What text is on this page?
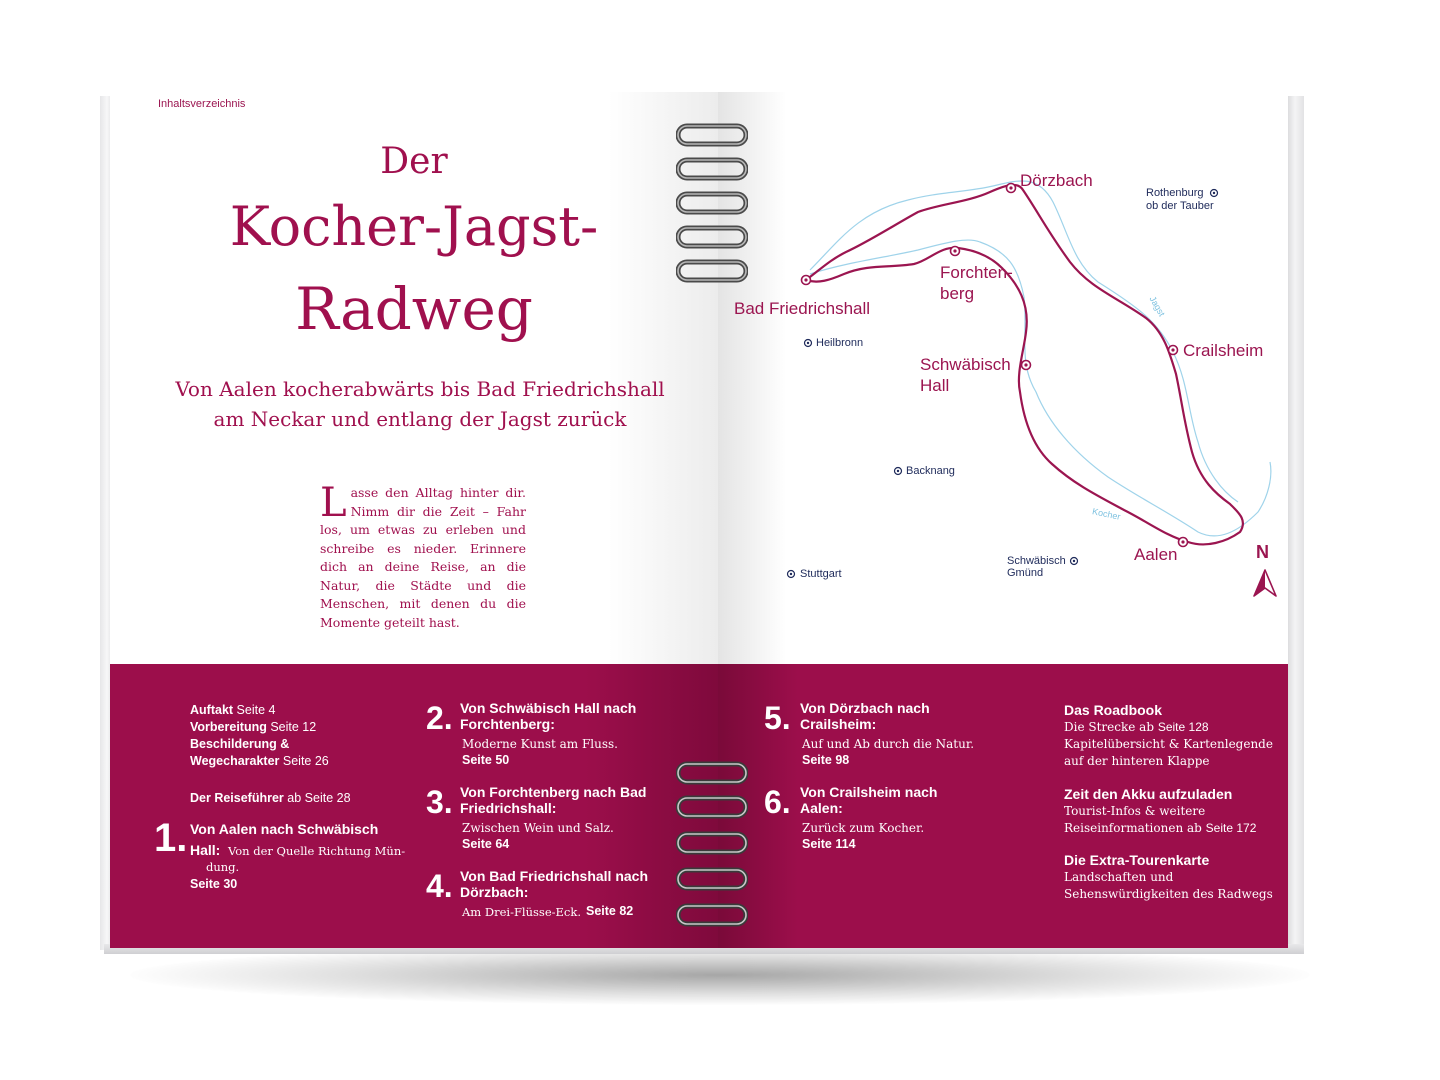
Inhaltsverzeichnis
Der
Kocher-Jagst-
Radweg
Von Aalen kocherabwärts bis Bad Friedrichshall
am Neckar und entlang der Jagst zurück
Lasse den Alltag hinter dir. Nimm dir die Zeit – Fahr los, um etwas zu erleben und schreibe es nieder. Erinnere dich an deine Reise, an die Natur, die Städte und die Menschen, mit denen du die Momente geteilt hast.
Auftakt Seite 4
Vorbereitung Seite 12
Beschilderung &
Wegecharakter Seite 26
Der Reiseführer ab Seite 28
1. Von Aalen nach Schwäbisch
Hall: Von der Quelle Richtung Mün-
dung.
Seite 30
2. Von Schwäbisch Hall nach
Forchtenberg:
Moderne Kunst am Fluss.
Seite 50
3. Von Forchtenberg nach Bad
Friedrichshall:
Zwischen Wein und Salz.
Seite 64
4. Von Bad Friedrichshall nach
Dörzbach:
Am Drei-Flüsse-Eck. Seite 82
Dörzbach
Forchten-
berg
Bad Friedrichshall
Schwäbisch
Hall
Crailsheim
Aalen
Rothenburg
ob der Tauber
Heilbronn
Backnang
Schwäbisch
Gmünd
Stuttgart
Jagst
Kocher
N
5. Von Dörzbach nach
Crailsheim:
Auf und Ab durch die Natur.
Seite 98
6. Von Crailsheim nach
Aalen:
Zurück zum Kocher.
Seite 114
Das Roadbook
Die Strecke ab Seite 128
Kapitelübersicht & Kartenlegende
auf der hinteren Klappe
Zeit den Akku aufzuladen
Tourist-Infos & weitere
Reiseinformationen ab Seite 172
Die Extra-Tourenkarte
Landschaften und
Sehenswürdigkeiten des Radwegs
